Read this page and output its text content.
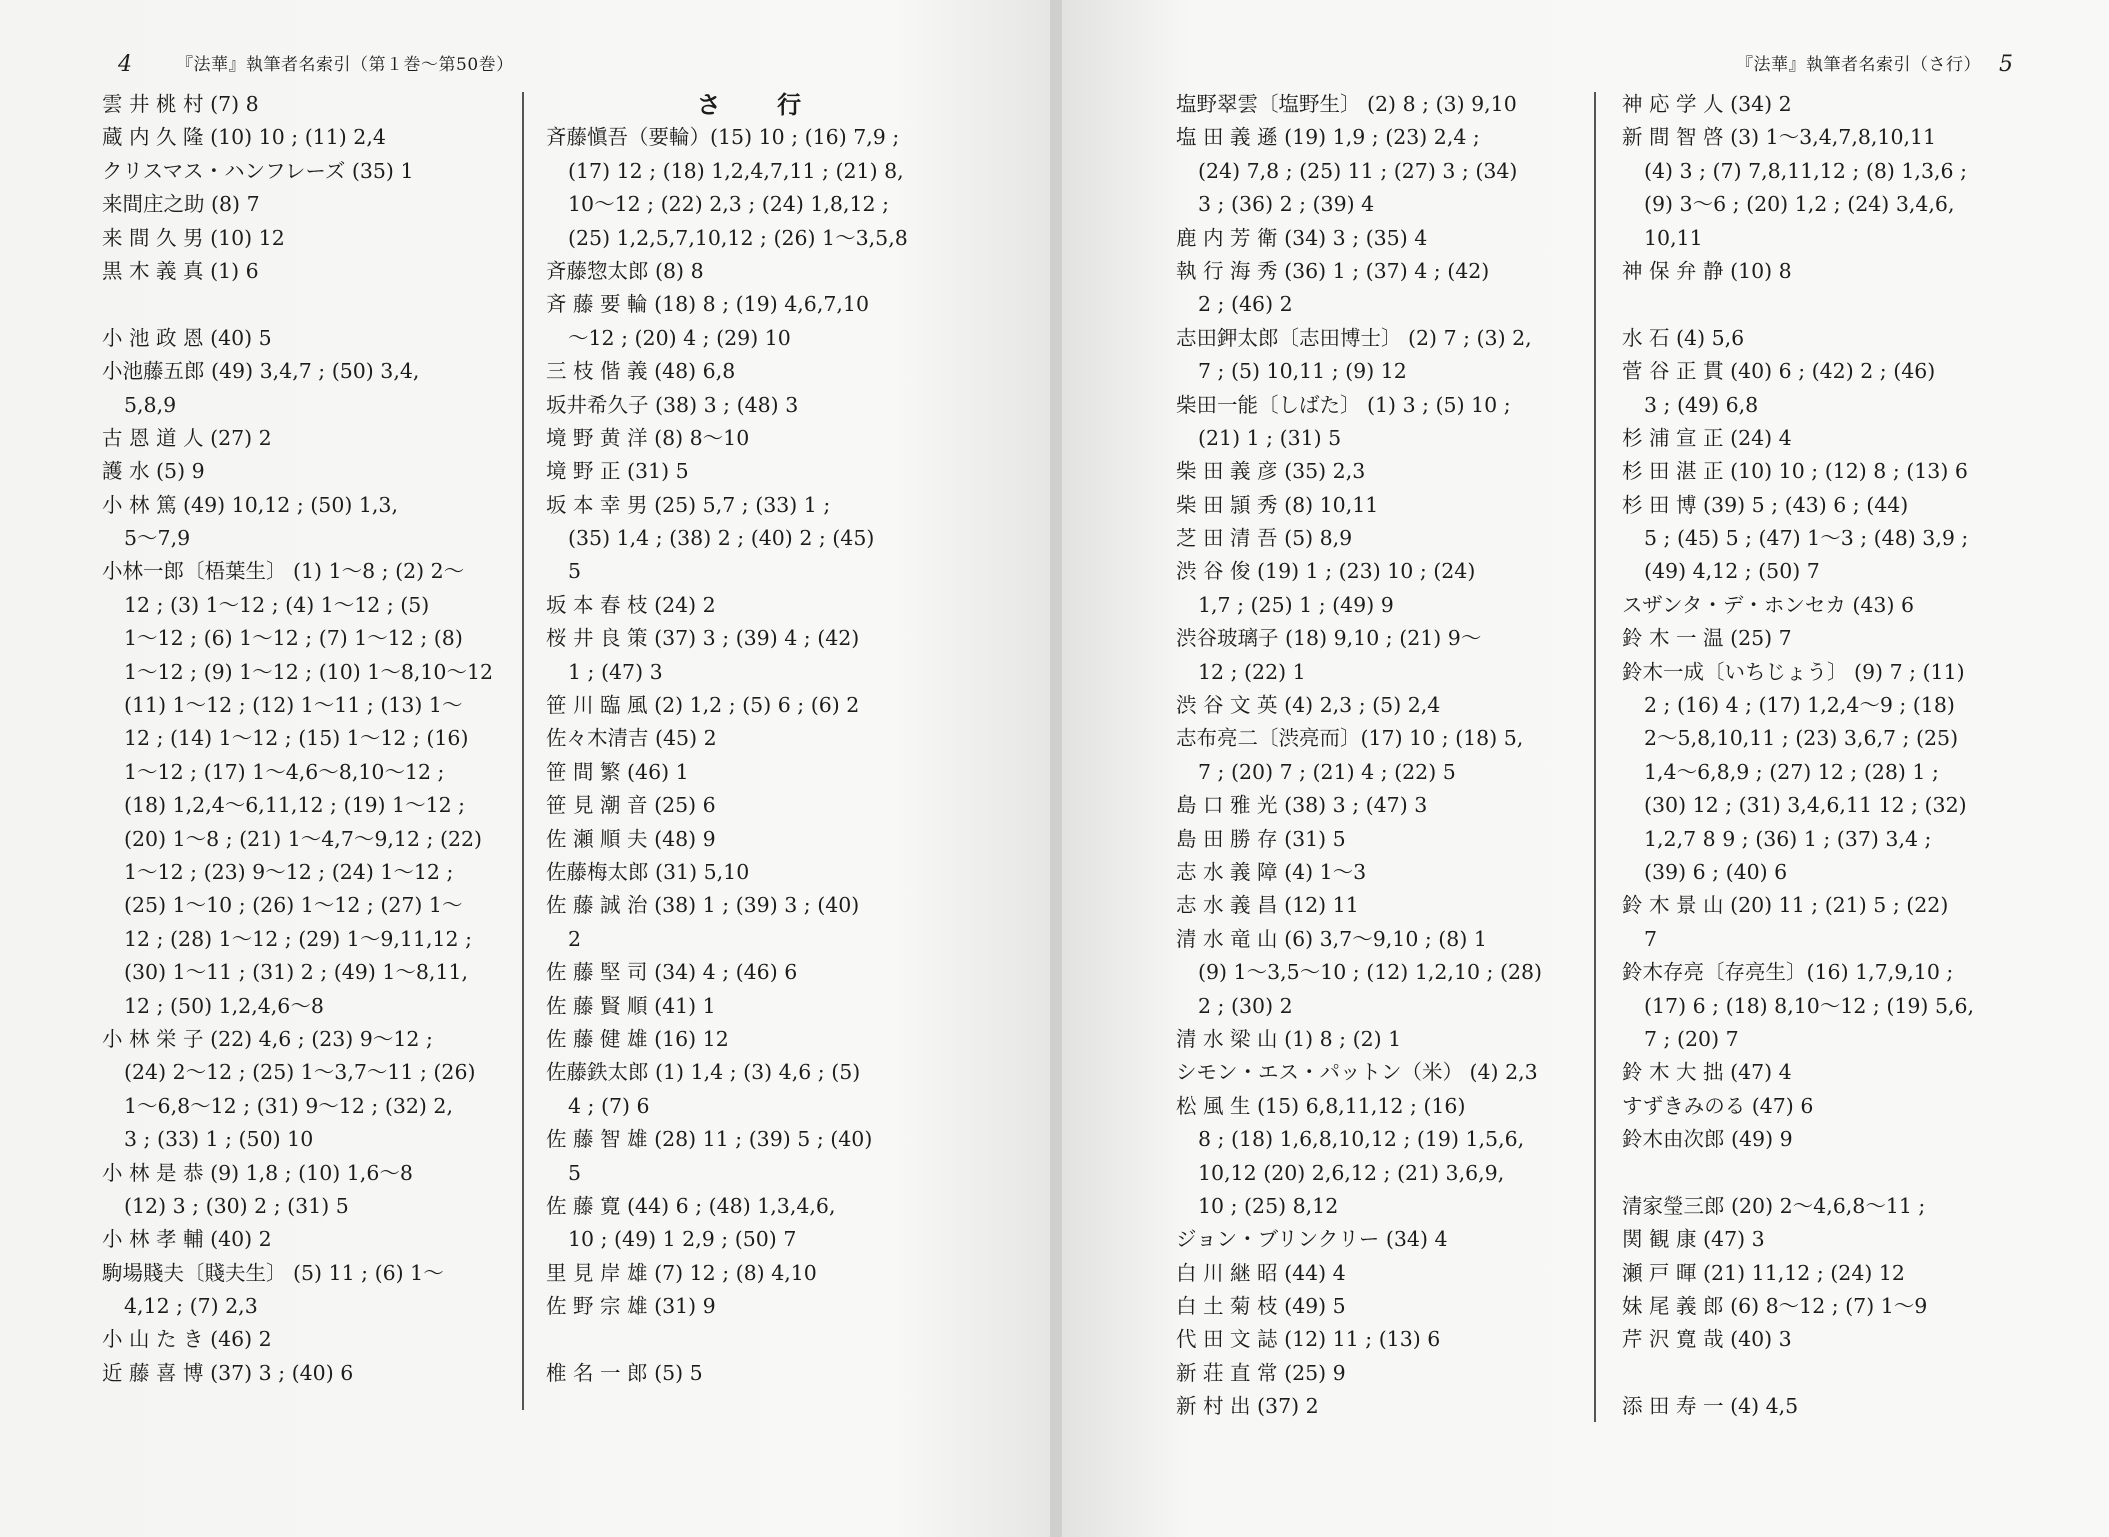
4	『法華』執筆者名索引（第１巻〜第50巻）
雲 井 桃 村 (7) 8
蔵 内 久 隆 (10) 10 ; (11) 2,4
クリスマス・ハンフレーズ (35) 1
来間庄之助 (8) 7
来 間 久 男 (10) 12
黒 木 義 真 (1) 6
小 池 政 恩 (40) 5
小池藤五郎 (49) 3,4,7 ; (50) 3,4,
5,8,9
古 恩 道 人 (27) 2
護 水 (5) 9
小 林 篤 (49) 10,12 ; (50) 1,3,
5〜7,9
小林一郎〔梧葉生〕 (1) 1〜8 ; (2) 2〜
12 ; (3) 1〜12 ; (4) 1〜12 ; (5)
1〜12 ; (6) 1〜12 ; (7) 1〜12 ; (8)
1〜12 ; (9) 1〜12 ; (10) 1〜8,10〜12
(11) 1〜12 ; (12) 1〜11 ; (13) 1〜
12 ; (14) 1〜12 ; (15) 1〜12 ; (16)
1〜12 ; (17) 1〜4,6〜8,10〜12 ;
(18) 1,2,4〜6,11,12 ; (19) 1〜12 ;
(20) 1〜8 ; (21) 1〜4,7〜9,12 ; (22)
1〜12 ; (23) 9〜12 ; (24) 1〜12 ;
(25) 1〜10 ; (26) 1〜12 ; (27) 1〜
12 ; (28) 1〜12 ; (29) 1〜9,11,12 ;
(30) 1〜11 ; (31) 2 ; (49) 1〜8,11,
12 ; (50) 1,2,4,6〜8
小 林 栄 子 (22) 4,6 ; (23) 9〜12 ;
(24) 2〜12 ; (25) 1〜3,7〜11 ; (26)
1〜6,8〜12 ; (31) 9〜12 ; (32) 2,
3 ; (33) 1 ; (50) 10
小 林 是 恭 (9) 1,8 ; (10) 1,6〜8
(12) 3 ; (30) 2 ; (31) 5
小 林 孝 輔 (40) 2
駒場賤夫〔賤夫生〕 (5) 11 ; (6) 1〜
4,12 ; (7) 2,3
小 山 た き (46) 2
近 藤 喜 博 (37) 3 ; (40) 6
さ 行
斉藤愼吾（要輪）(15) 10 ; (16) 7,9 ;
(17) 12 ; (18) 1,2,4,7,11 ; (21) 8,
10〜12 ; (22) 2,3 ; (24) 1,8,12 ;
(25) 1,2,5,7,10,12 ; (26) 1〜3,5,8
斉藤惣太郎 (8) 8
斉 藤 要 輪 (18) 8 ; (19) 4,6,7,10
〜12 ; (20) 4 ; (29) 10
三 枝 偕 義 (48) 6,8
坂井希久子 (38) 3 ; (48) 3
境 野 黄 洋 (8) 8〜10
境 野 正 (31) 5
坂 本 幸 男 (25) 5,7 ; (33) 1 ;
(35) 1,4 ; (38) 2 ; (40) 2 ; (45)
5
坂 本 春 枝 (24) 2
桜 井 良 策 (37) 3 ; (39) 4 ; (42)
1 ; (47) 3
笹 川 臨 風 (2) 1,2 ; (5) 6 ; (6) 2
佐々木清吉 (45) 2
笹 間 繁 (46) 1
笹 見 潮 音 (25) 6
佐 瀬 順 夫 (48) 9
佐藤梅太郎 (31) 5,10
佐 藤 誠 治 (38) 1 ; (39) 3 ; (40)
2
佐 藤 堅 司 (34) 4 ; (46) 6
佐 藤 賢 順 (41) 1
佐 藤 健 雄 (16) 12
佐藤鉄太郎 (1) 1,4 ; (3) 4,6 ; (5)
4 ; (7) 6
佐 藤 智 雄 (28) 11 ; (39) 5 ; (40)
5
佐 藤 寛 (44) 6 ; (48) 1,3,4,6,
10 ; (49) 1 2,9 ; (50) 7
里 見 岸 雄 (7) 12 ; (8) 4,10
佐 野 宗 雄 (31) 9
椎 名 一 郎 (5) 5
『法華』執筆者名索引（さ行） 5
塩野翠雲〔塩野生〕 (2) 8 ; (3) 9,10
塩 田 義 遜 (19) 1,9 ; (23) 2,4 ;
(24) 7,8 ; (25) 11 ; (27) 3 ; (34)
3 ; (36) 2 ; (39) 4
鹿 内 芳 衛 (34) 3 ; (35) 4
執 行 海 秀 (36) 1 ; (37) 4 ; (42)
2 ; (46) 2
志田鉀太郎〔志田博士〕 (2) 7 ; (3) 2,
7 ; (5) 10,11 ; (9) 12
柴田一能〔しばた〕 (1) 3 ; (5) 10 ;
(21) 1 ; (31) 5
柴 田 義 彦 (35) 2,3
柴 田 頴 秀 (8) 10,11
芝 田 清 吾 (5) 8,9
渋 谷 俊 (19) 1 ; (23) 10 ; (24)
1,7 ; (25) 1 ; (49) 9
渋谷玻璃子 (18) 9,10 ; (21) 9〜
12 ; (22) 1
渋 谷 文 英 (4) 2,3 ; (5) 2,4
志布亮二〔渋亮而〕(17) 10 ; (18) 5,
7 ; (20) 7 ; (21) 4 ; (22) 5
島 口 雅 光 (38) 3 ; (47) 3
島 田 勝 存 (31) 5
志 水 義 障 (4) 1〜3
志 水 義 昌 (12) 11
清 水 竜 山 (6) 3,7〜9,10 ; (8) 1
(9) 1〜3,5〜10 ; (12) 1,2,10 ; (28)
2 ; (30) 2
清 水 梁 山 (1) 8 ; (2) 1
シモン・エス・パットン（米） (4) 2,3
松 風 生 (15) 6,8,11,12 ; (16)
8 ; (18) 1,6,8,10,12 ; (19) 1,5,6,
10,12 (20) 2,6,12 ; (21) 3,6,9,
10 ; (25) 8,12
ジョン・ブリンクリー (34) 4
白 川 継 昭 (44) 4
白 土 菊 枝 (49) 5
代 田 文 誌 (12) 11 ; (13) 6
新 荘 直 常 (25) 9
新 村 出 (37) 2
神 応 学 人 (34) 2
新 間 智 啓 (3) 1〜3,4,7,8,10,11
(4) 3 ; (7) 7,8,11,12 ; (8) 1,3,6 ;
(9) 3〜6 ; (20) 1,2 ; (24) 3,4,6,
10,11
神 保 弁 静 (10) 8
水 石 (4) 5,6
菅 谷 正 貫 (40) 6 ; (42) 2 ; (46)
3 ; (49) 6,8
杉 浦 宣 正 (24) 4
杉 田 湛 正 (10) 10 ; (12) 8 ; (13) 6
杉 田 博 (39) 5 ; (43) 6 ; (44)
5 ; (45) 5 ; (47) 1〜3 ; (48) 3,9 ;
(49) 4,12 ; (50) 7
スザンタ・デ・ホンセカ (43) 6
鈴 木 一 温 (25) 7
鈴木一成〔いちじょう〕 (9) 7 ; (11)
2 ; (16) 4 ; (17) 1,2,4〜9 ; (18)
2〜5,8,10,11 ; (23) 3,6,7 ; (25)
1,4〜6,8,9 ; (27) 12 ; (28) 1 ;
(30) 12 ; (31) 3,4,6,11 12 ; (32)
1,2,7 8 9 ; (36) 1 ; (37) 3,4 ;
(39) 6 ; (40) 6
鈴 木 景 山 (20) 11 ; (21) 5 ; (22)
7
鈴木存亮〔存亮生〕(16) 1,7,9,10 ;
(17) 6 ; (18) 8,10〜12 ; (19) 5,6,
7 ; (20) 7
鈴 木 大 拙 (47) 4
すずきみのる (47) 6
鈴木由次郎 (49) 9
清家瑩三郎 (20) 2〜4,6,8〜11 ;
関 観 康 (47) 3
瀬 戸 暉 (21) 11,12 ; (24) 12
妹 尾 義 郎 (6) 8〜12 ; (7) 1〜9
芹 沢 寛 哉 (40) 3
添 田 寿 一 (4) 4,5
